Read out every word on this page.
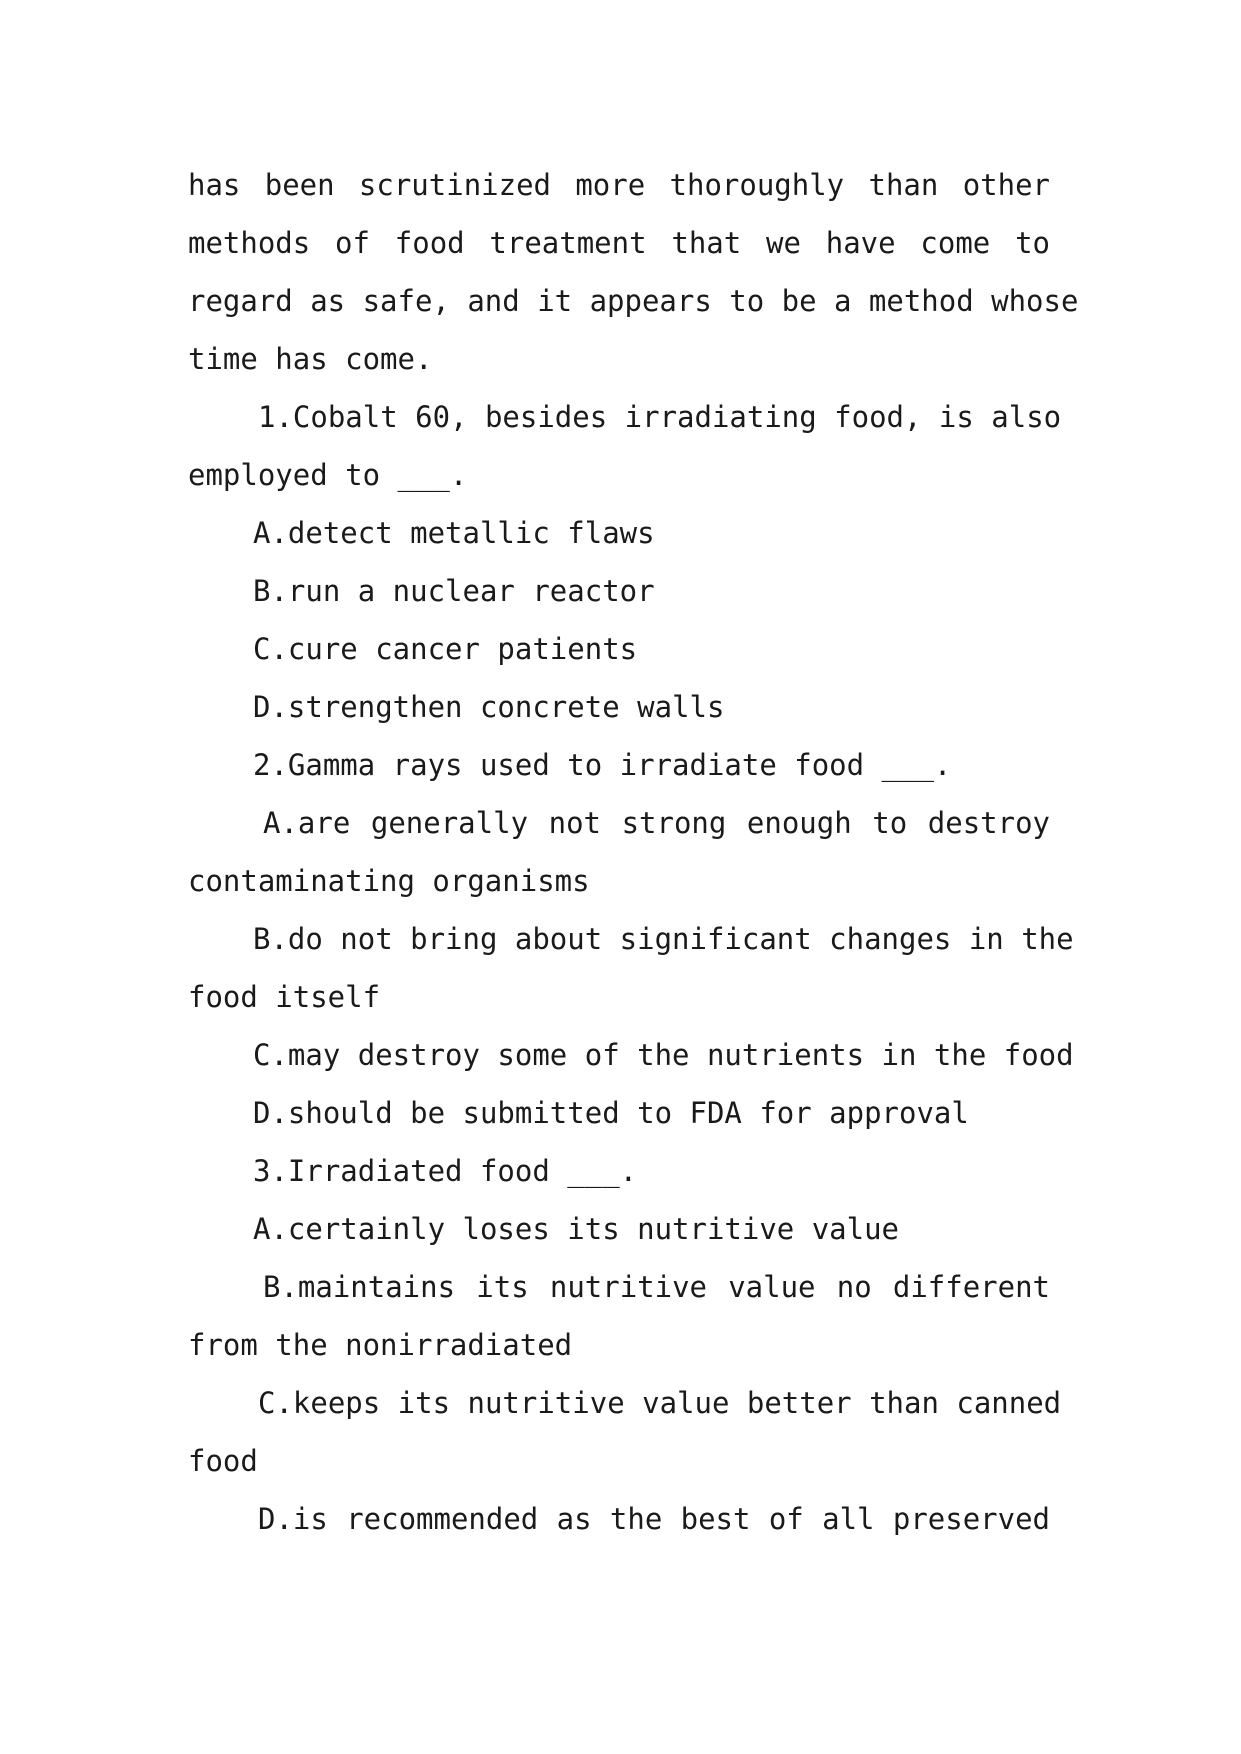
has been scrutinized more thoroughly than other
methods of food treatment that we have come to
regard as safe, and it appears to be a method whose
time has come.
1.Cobalt 60, besides irradiating food, is also
employed to ___.
A.detect metallic flaws
B.run a nuclear reactor
C.cure cancer patients
D.strengthen concrete walls
2.Gamma rays used to irradiate food ___.
A.are generally not strong enough to destroy
contaminating organisms
B.do not bring about significant changes in the
food itself
C.may destroy some of the nutrients in the food
D.should be submitted to FDA for approval
3.Irradiated food ___.
A.certainly loses its nutritive value
B.maintains its nutritive value no different
from the nonirradiated
C.keeps its nutritive value better than canned
food
D.is recommended as the best of all preserved
